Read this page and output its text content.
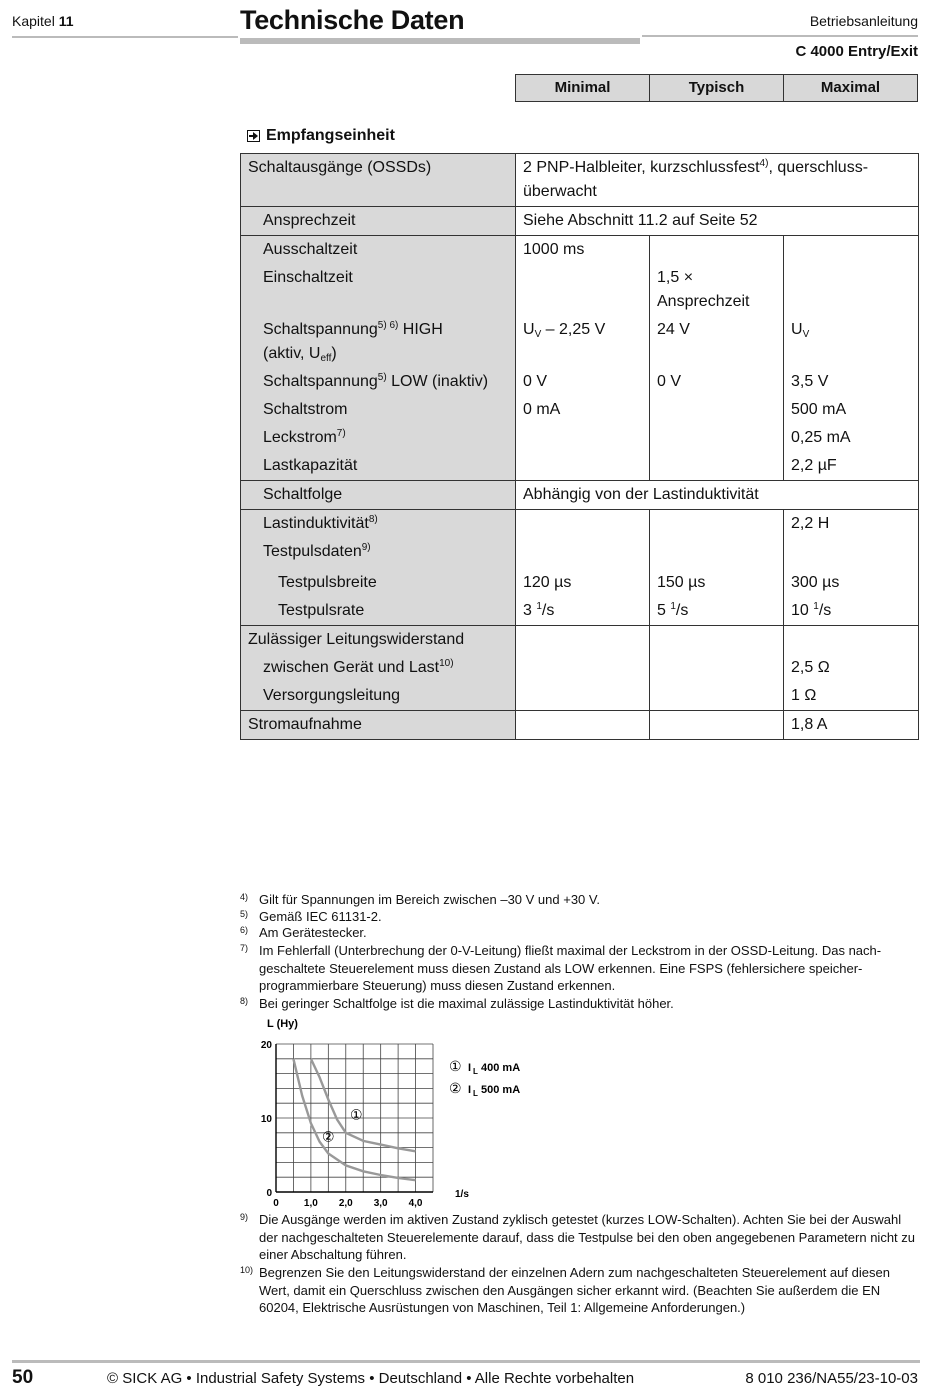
Kapitel 11	Technische Daten	Betriebsanleitung
C 4000 Entry/Exit
Minimal	Typisch	Maximal
Empfangseinheit
Schaltausgänge (OSSDs)	2 PNP-Halbleiter, kurzschlussfest$^{4)}$, querschluss-
überwacht		
Ansprechzeit	Siehe Abschnitt 11.2 auf Seite 52		
Ausschaltzeit	1000 ms		
Einschaltzeit		1,5 ×
Ansprechzeit	
Schaltspannung$^{5) 6)}$ HIGH
(aktiv, $U_{eff}$)	$U_V - 2,25$ V	24 V	$U_V$
Schaltspannung$^{5)}$ LOW (inaktiv)	0 V	0 V	3,5 V
Schaltstrom	0 mA		500 mA
Leckstrom$^{7)}$			0,25 mA
Lastkapazität			2,2 µF
Schaltfolge	Abhängig von der Lastinduktivität		
Lastinduktivität$^{8)}$			2,2 H
Testpulsdaten$^{9)}$			
Testpulsbreite	120 µs	150 µs	300 µs
Testpulsrate	3 $^1$/s	5 $^1$/s	10 $^1$/s
Zulässiger Leitungswiderstand			
zwischen Gerät und Last$^{10)}$			2,5 Ω
Versorgungsleitung			1 Ω
Stromaufnahme			1,8 A
4) Gilt für Spannungen im Bereich zwischen –30 V und +30 V.
5) Gemäß IEC 61131-2.
6) Am Gerätestecker.
7) Im Fehlerfall (Unterbrechung der 0-V-Leitung) fließt maximal der Leckstrom in der OSSD-Leitung. Das nach- geschaltete Steuerelement muss diesen Zustand als LOW erkennen. Eine FSPS (fehlersichere speicher- programmierbare Steuerung) muss diesen Zustand erkennen.
8) Bei geringer Schaltfolge ist die maximal zulässige Lastinduktivität höher.
0	1,0 2,0 3,0 4,0
0
10
20
L (Hy)
1/s
①
① I L 400 mA
②
② I L 500 mA
9) Die Ausgänge werden im aktiven Zustand zyklisch getestet (kurzes LOW-Schalten). Achten Sie bei der Auswahl der nachgeschalteten Steuerelemente darauf, dass die Testpulse bei den oben angegebenen Parametern nicht zu einer Abschaltung führen.
10) Begrenzen Sie den Leitungswiderstand der einzelnen Adern zum nachgeschalteten Steuerelement auf diesen Wert, damit ein Querschluss zwischen den Ausgängen sicher erkannt wird. (Beachten Sie außerdem die EN 60204, Elektrische Ausrüstungen von Maschinen, Teil 1: Allgemeine Anforderungen.)
50	© SICK AG • Industrial Safety Systems • Deutschland • Alle Rechte vorbehalten	8 010 236/NA55/23-10-03
